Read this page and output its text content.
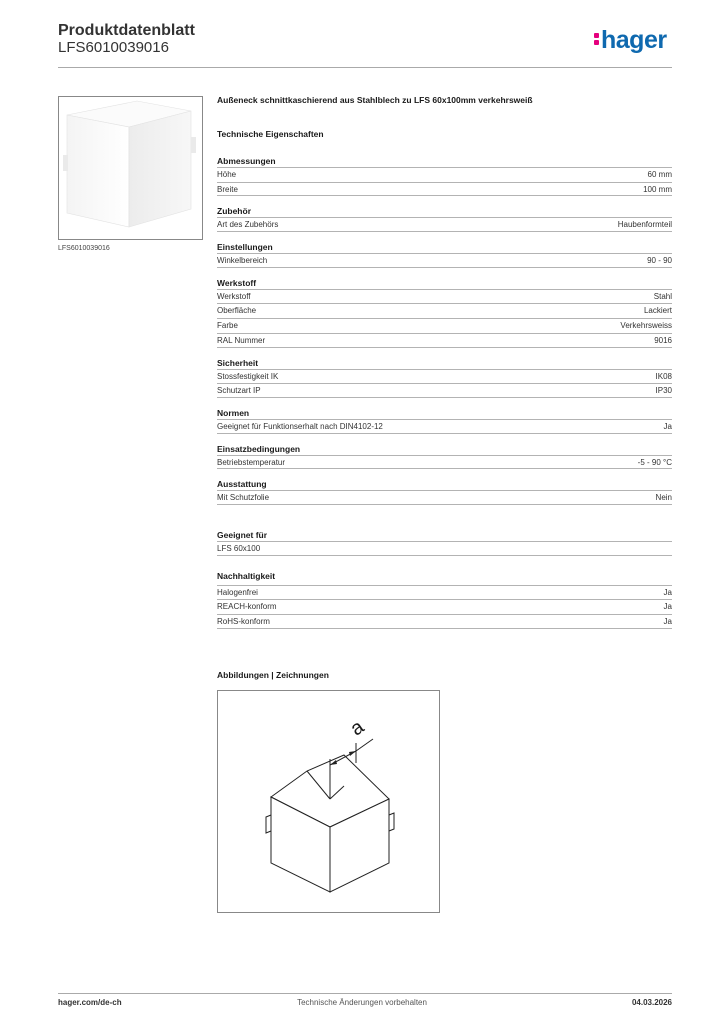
Produktdatenblatt
LFS6010039016	hager
LFS6010039016
Außeneck schnittkaschierend aus Stahlblech zu LFS 60x100mm verkehrsweiß
Technische Eigenschaften
Abmessungen
Höhe	60 mm
Breite	100 mm
Zubehör
Art des Zubehörs	Haubenformteil
Einstellungen
Winkelbereich	90 - 90
Werkstoff
Werkstoff	Stahl
Oberfläche	Lackiert
Farbe	Verkehrsweiss
RAL Nummer	9016
Sicherheit
Stossfestigkeit IK	IK08
Schutzart IP	IP30
Normen
Geeignet für Funktionserhalt nach DIN4102-12	Ja
Einsatzbedingungen
Betriebstemperatur	-5 - 90 °C
Ausstattung
Mit Schutzfolie	Nein
Geeignet für
LFS 60x100
Nachhaltigkeit
Halogenfrei	Ja
REACH-konform	Ja
RoHS-konform	Ja
Abbildungen | Zeichnungen
a
hager.com/de-ch	Technische Änderungen vorbehalten	04.03.2026
